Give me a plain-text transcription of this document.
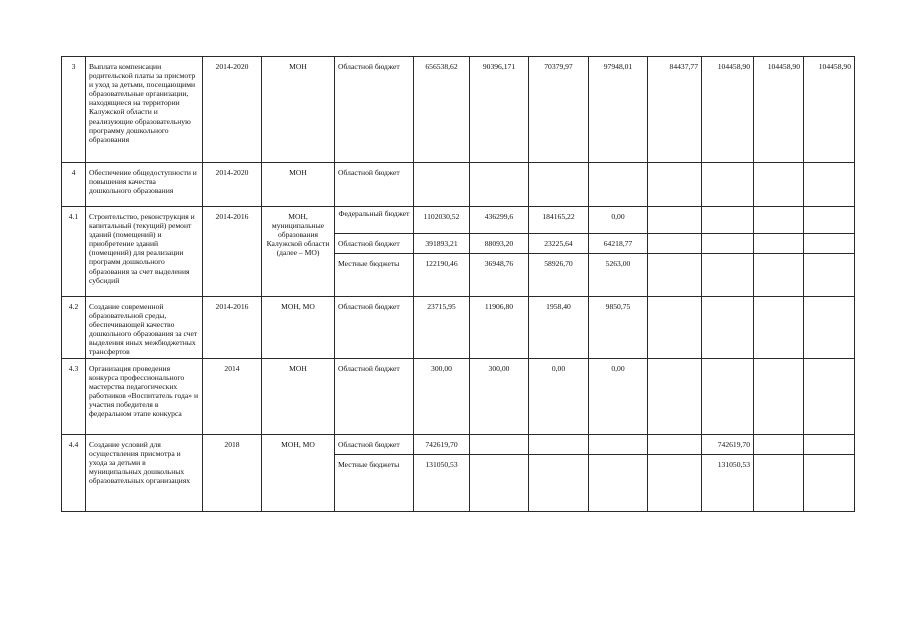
3	Выплата компенсации родительской платы за присмотр и уход за детьми, посещающими образовательные организации, находящиеся на территории Калужской области и реализующие образовательную программу дошкольного образования	2014-2020	МОН	Областной бюджет	656538,62	90396,171	70379,97	97948,01	84437,77	104458,90	104458,90	104458,90
4	Обеспечение общедоступности и повышения качества дошкольного образования	2014-2020	МОН	Областной бюджет								
4.1	Строительство, реконструкция и капитальный (текущий) ремонт зданий (помещений) и приобретение зданий (помещений) для реализации программ дошкольного образования за счет выделения субсидий	2014-2016	МОН, муниципальные образования Калужской области (далее – МО)	Федеральный бюджет	1102030,52	436299,6	184165,22	0,00				
				Областной бюджет	391893,21	88093,20	23225,64	64218,77				
				Местные бюджеты	122190,46	36948,76	58926,70	5263,00				
4.2	Создание современной образовательной среды, обеспечивающей качество дошкольного образования за счет выделения иных межбюджетных трансфертов	2014-2016	МОН, МО	Областной бюджет	23715,95	11906,80	1958,40	9850,75				
4.3	Организация проведения конкурса профессионального мастерства педагогических работников «Воспитатель года» и участия победителя в федеральном этапе конкурса	2014	МОН	Областной бюджет	300,00	300,00	0,00	0,00				
4.4	Создание условий для осуществления присмотра и ухода за детьми в муниципальных дошкольных образовательных организациях	2018	МОН, МО	Областной бюджет	742619,70					742619,70		
				Местные бюджеты	131050,53					131050,53		
